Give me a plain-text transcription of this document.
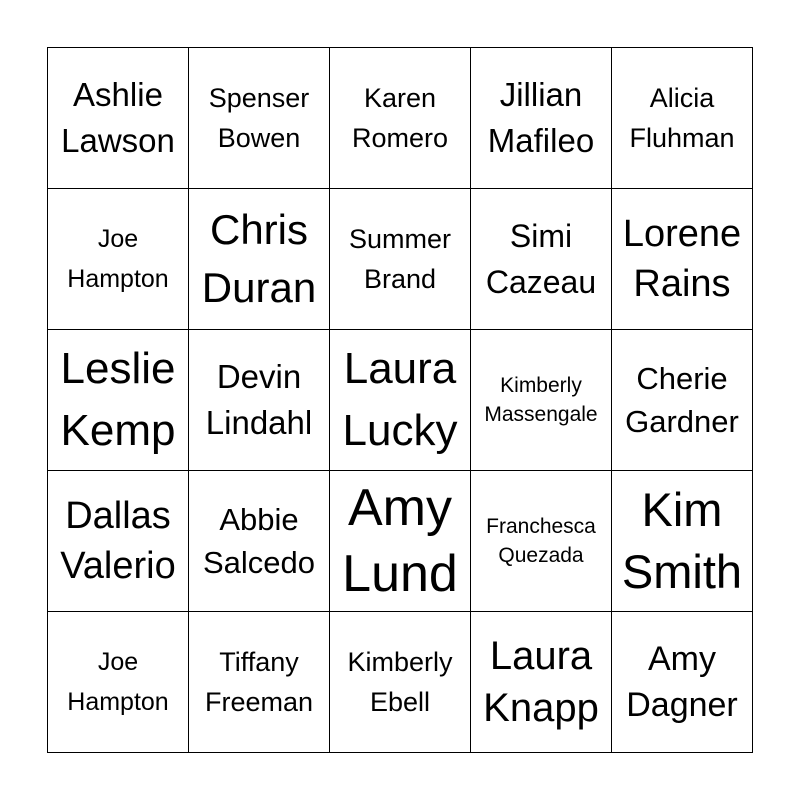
Ashlie
Lawson
Spenser
Bowen
Karen
Romero
Jillian
Mafileo
Alicia
Fluhman
Joe
Hampton
Chris
Duran
Summer
Brand
Simi
Cazeau
Lorene
Rains
Leslie
Kemp
Devin
Lindahl
Laura
Lucky
Kimberly
Massengale
Cherie
Gardner
Dallas
Valerio
Abbie
Salcedo
Amy
Lund
Franchesca
Quezada
Kim
Smith
Joe
Hampton
Tiffany
Freeman
Kimberly
Ebell
Laura
Knapp
Amy
Dagner
